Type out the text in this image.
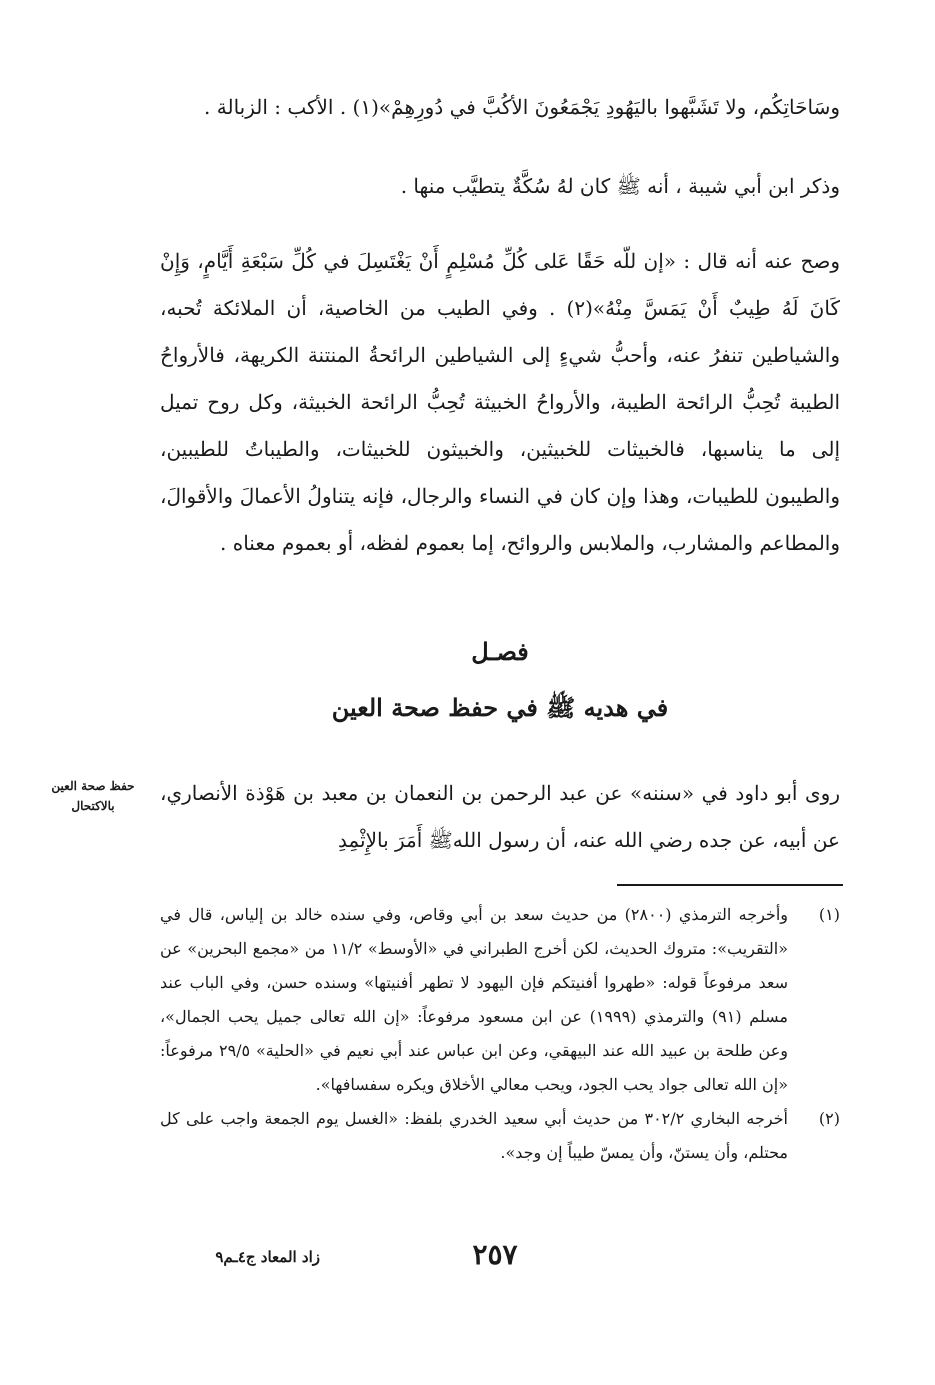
وسَاحَاتِكُم، ولا تَشَبَّهوا باليَهُودِ يَجْمَعُونَ الأكُبَّ في دُورِهِمْ»(١) . الأكب : الزبالة .
وذكر ابن أبي شيبة ، أنه ﷺ كان لهُ سُكَّةٌ يتطيَّب منها .
وصح عنه أنه قال : «إن للّه حَقًا عَلى كُلِّ مُسْلِمٍ أَنْ يَغْتَسِلَ في كُلِّ سَبْعَةِ أَيَّامٍ، وَإِنْ كَانَ لَهُ طِيبٌ أَنْ يَمَسَّ مِنْهُ»(٢) . وفي الطيب من الخاصية، أن الملائكة تُحبه، والشياطين تنفرُ عنه، وأحبُّ شيءٍ إلى الشياطين الرائحةُ المنتنة الكريهة، فالأرواحُ الطيبة تُحِبُّ الرائحة الطيبة، والأرواحُ الخبيثة تُحِبُّ الرائحة الخبيثة، وكل روح تميل إلى ما يناسبها، فالخبيثات للخبيثين، والخبيثون للخبيثات، والطيباتُ للطيبين، والطيبون للطيبات، وهذا وإن كان في النساء والرجال، فإنه يتناولُ الأعمالَ والأقوالَ، والمطاعم والمشارب، والملابس والروائح، إما بعموم لفظه، أو بعموم معناه .
فصـل
في هديه ﷺ في حفظ صحة العين
حفظ صحة العين بالاكتحال
روى أبو داود في «سننه» عن عبد الرحمن بن النعمان بن معبد بن هَوْذة الأنصاري، عن أبيه، عن جده رضي الله عنه، أن رسول اللهﷺ أَمَرَ بالإِثْمِدِ
(١)
وأخرجه الترمذي (٢٨٠٠) من حديث سعد بن أبي وقاص، وفي سنده خالد بن إلياس، قال في «التقريب»: متروك الحديث، لكن أخرج الطبراني في «الأوسط» ١١/٢ من «مجمع البحرين» عن سعد مرفوعاً قوله: «طهروا أفنيتكم فإن اليهود لا تطهر أفنيتها» وسنده حسن، وفي الباب عند مسلم (٩١) والترمذي (١٩٩٩) عن ابن مسعود مرفوعاً: «إن الله تعالى جميل يحب الجمال»، وعن طلحة بن عبيد الله عند البيهقي، وعن ابن عباس عند أبي نعيم في «الحلية» ٢٩/٥ مرفوعاً: «إن الله تعالى جواد يحب الجود، ويحب معالي الأخلاق ويكره سفسافها».
(٢)
أخرجه البخاري ٣٠٢/٢ من حديث أبي سعيد الخدري بلفظ: «الغسل يوم الجمعة واجب على كل محتلم، وأن يستنّ، وأن يمسّ طيباً إن وجد».
٢٥٧
زاد المعاد ج٤ـم٩
